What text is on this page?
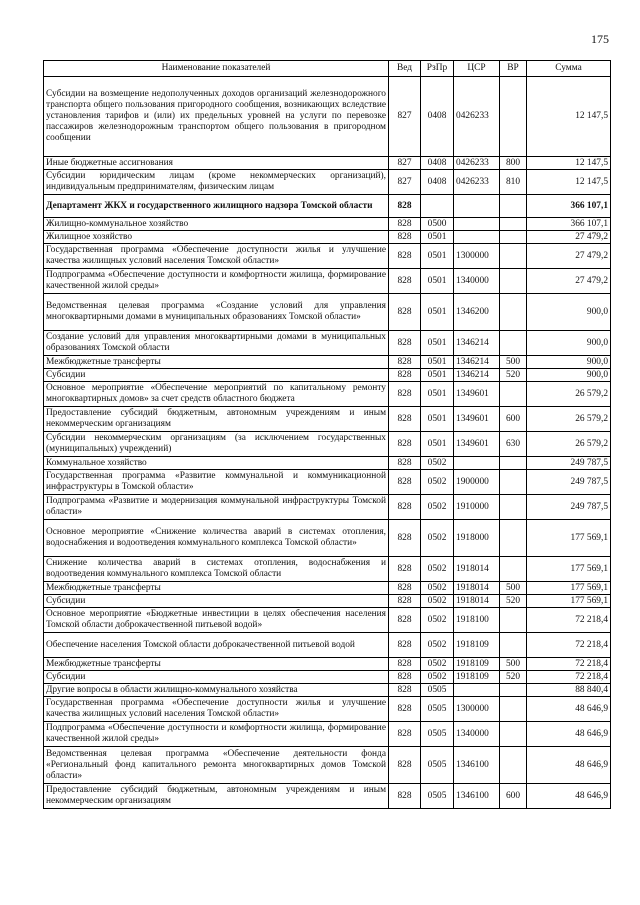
175
Наименование показателей	Вед	РзПр	ЦСР	ВР	Сумма
Субсидии на возмещение недополученных доходов организаций железнодорожного транспорта общего пользования пригородного сообщения, возникающих вследствие установления тарифов и (или) их предельных уровней на услуги по перевозке пассажиров железнодорожным транспортом общего пользования в пригородном сообщении	827	0408	0426233		12 147,5
Иные бюджетные ассигнования	827	0408	0426233	800	12 147,5
Субсидии юридическим лицам (кроме некоммерческих организаций), индивидуальным предпринимателям, физическим лицам	827	0408	0426233	810	12 147,5
Департамент ЖКХ и государственного жилищного надзора Томской области	828				366 107,1
Жилищно-коммунальное хозяйство	828	0500			366 107,1
Жилищное хозяйство	828	0501			27 479,2
Государственная программа «Обеспечение доступности жилья и улучшение качества жилищных условий населения Томской области»	828	0501	1300000		27 479,2
Подпрограмма «Обеспечение доступности и комфортности жилища, формирование качественной жилой среды»	828	0501	1340000		27 479,2
Ведомственная целевая программа «Создание условий для управления многоквартирными домами в муниципальных образованиях Томской области»	828	0501	1346200		900,0
Создание условий для управления многоквартирными домами в муниципальных образованиях Томской области	828	0501	1346214		900,0
Межбюджетные трансферты	828	0501	1346214	500	900,0
Субсидии	828	0501	1346214	520	900,0
Основное мероприятие «Обеспечение мероприятий по капитальному ремонту многоквартирных домов» за счет средств областного бюджета	828	0501	1349601		26 579,2
Предоставление субсидий бюджетным, автономным учреждениям и иным некоммерческим организациям	828	0501	1349601	600	26 579,2
Субсидии некоммерческим организациям (за исключением государственных (муниципальных) учреждений)	828	0501	1349601	630	26 579,2
Коммунальное хозяйство	828	0502			249 787,5
Государственная программа «Развитие коммунальной и коммуникационной инфраструктуры в Томской области»	828	0502	1900000		249 787,5
Подпрограмма «Развитие и модернизация коммунальной инфраструктуры Томской области»	828	0502	1910000		249 787,5
Основное мероприятие «Снижение количества аварий в системах отопления, водоснабжения и водоотведения коммунального комплекса Томской области»	828	0502	1918000		177 569,1
Снижение количества аварий в системах отопления, водоснабжения и водоотведения коммунального комплекса Томской области	828	0502	1918014		177 569,1
Межбюджетные трансферты	828	0502	1918014	500	177 569,1
Субсидии	828	0502	1918014	520	177 569,1
Основное мероприятие «Бюджетные инвестиции в целях обеспечения населения Томской области доброкачественной питьевой водой»	828	0502	1918100		72 218,4
Обеспечение населения Томской области доброкачественной питьевой водой	828	0502	1918109		72 218,4
Межбюджетные трансферты	828	0502	1918109	500	72 218,4
Субсидии	828	0502	1918109	520	72 218,4
Другие вопросы в области жилищно-коммунального хозяйства	828	0505			88 840,4
Государственная программа «Обеспечение доступности жилья и улучшение качества жилищных условий населения Томской области»	828	0505	1300000		48 646,9
Подпрограмма «Обеспечение доступности и комфортности жилища, формирование качественной жилой среды»	828	0505	1340000		48 646,9
Ведомственная целевая программа «Обеспечение деятельности фонда «Региональный фонд капитального ремонта многоквартирных домов Томской области»	828	0505	1346100		48 646,9
Предоставление субсидий бюджетным, автономным учреждениям и иным некоммерческим организациям	828	0505	1346100	600	48 646,9
